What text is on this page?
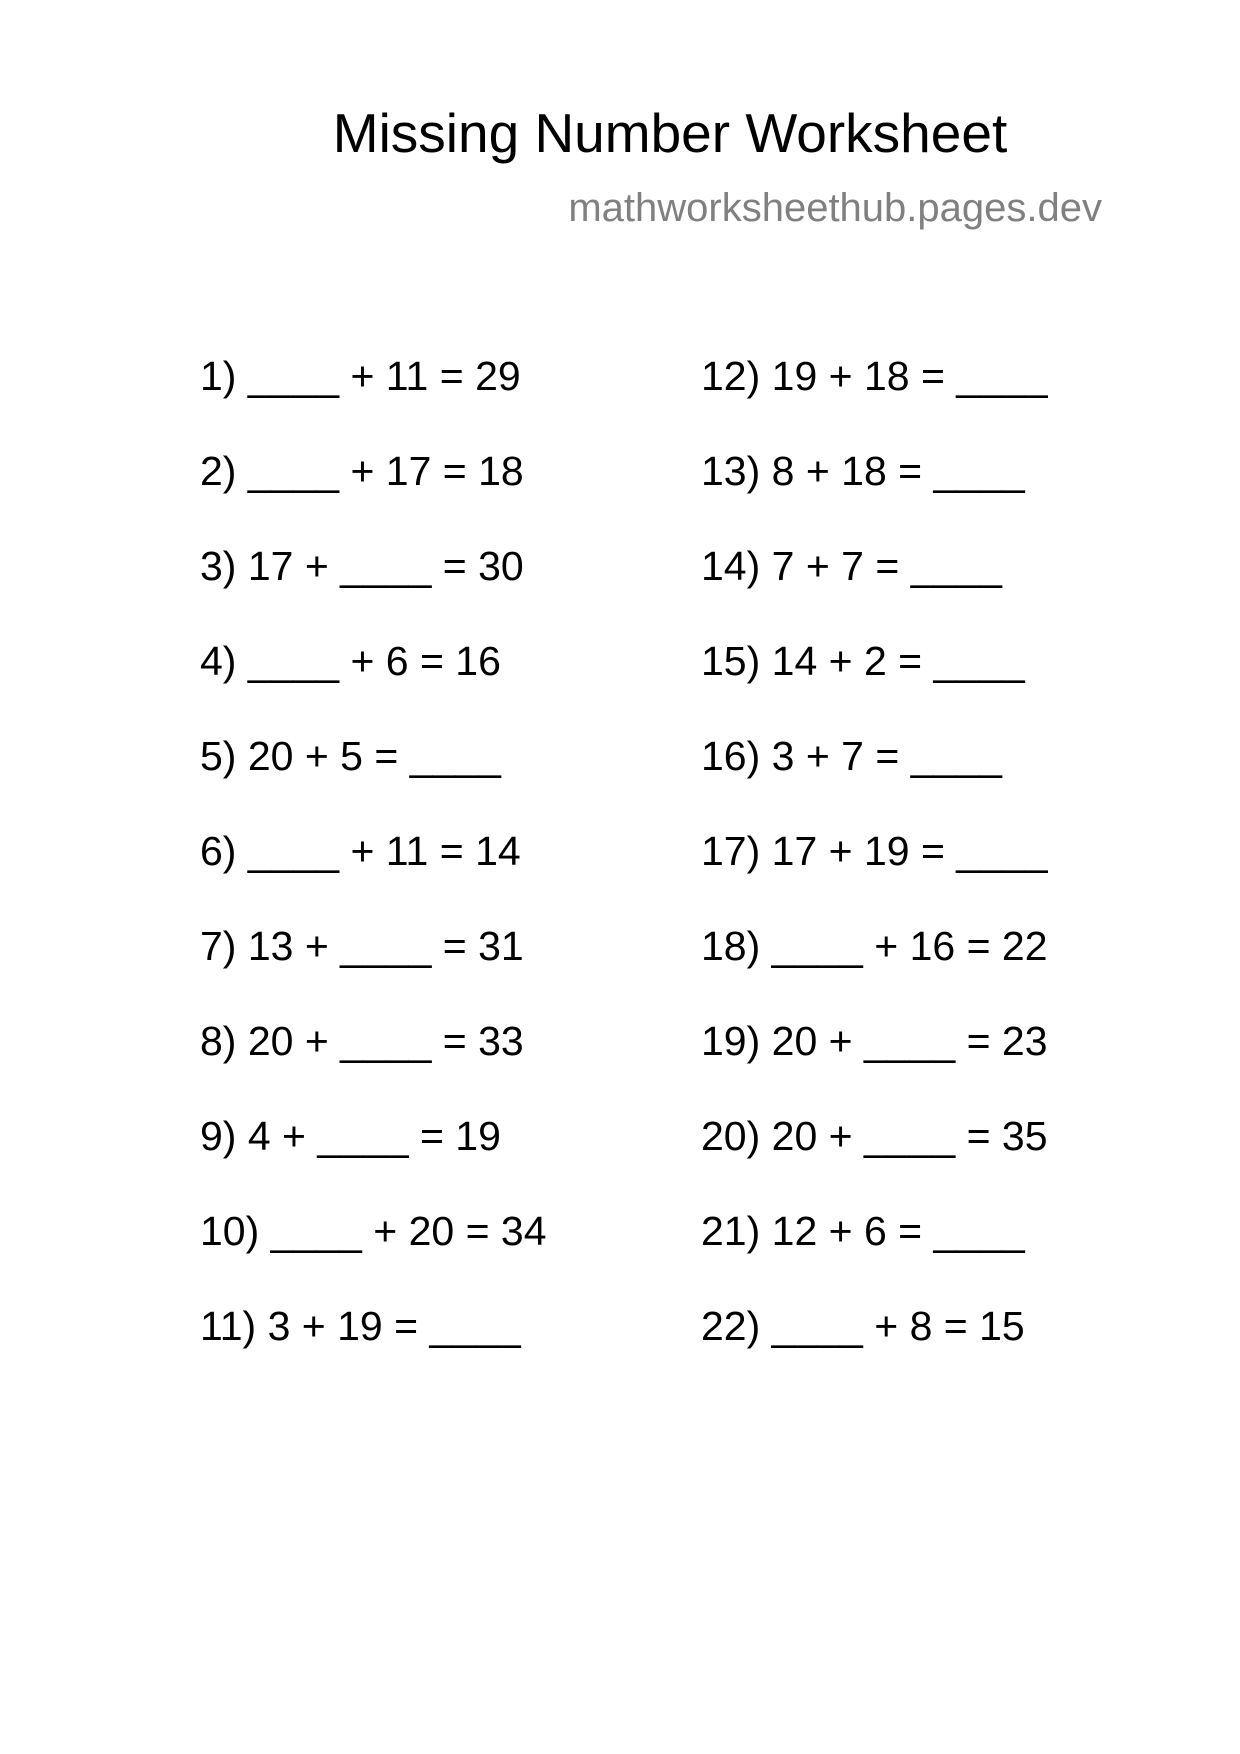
Missing Number Worksheet
mathworksheethub.pages.dev
1) ____ + 11 = 29
2) ____ + 17 = 18
3) 17 + ____ = 30
4) ____ + 6 = 16
5) 20 + 5 = ____
6) ____ + 11 = 14
7) 13 + ____ = 31
8) 20 + ____ = 33
9) 4 + ____ = 19
10) ____ + 20 = 34
11) 3 + 19 = ____
12) 19 + 18 = ____
13) 8 + 18 = ____
14) 7 + 7 = ____
15) 14 + 2 = ____
16) 3 + 7 = ____
17) 17 + 19 = ____
18) ____ + 16 = 22
19) 20 + ____ = 23
20) 20 + ____ = 35
21) 12 + 6 = ____
22) ____ + 8 = 15
